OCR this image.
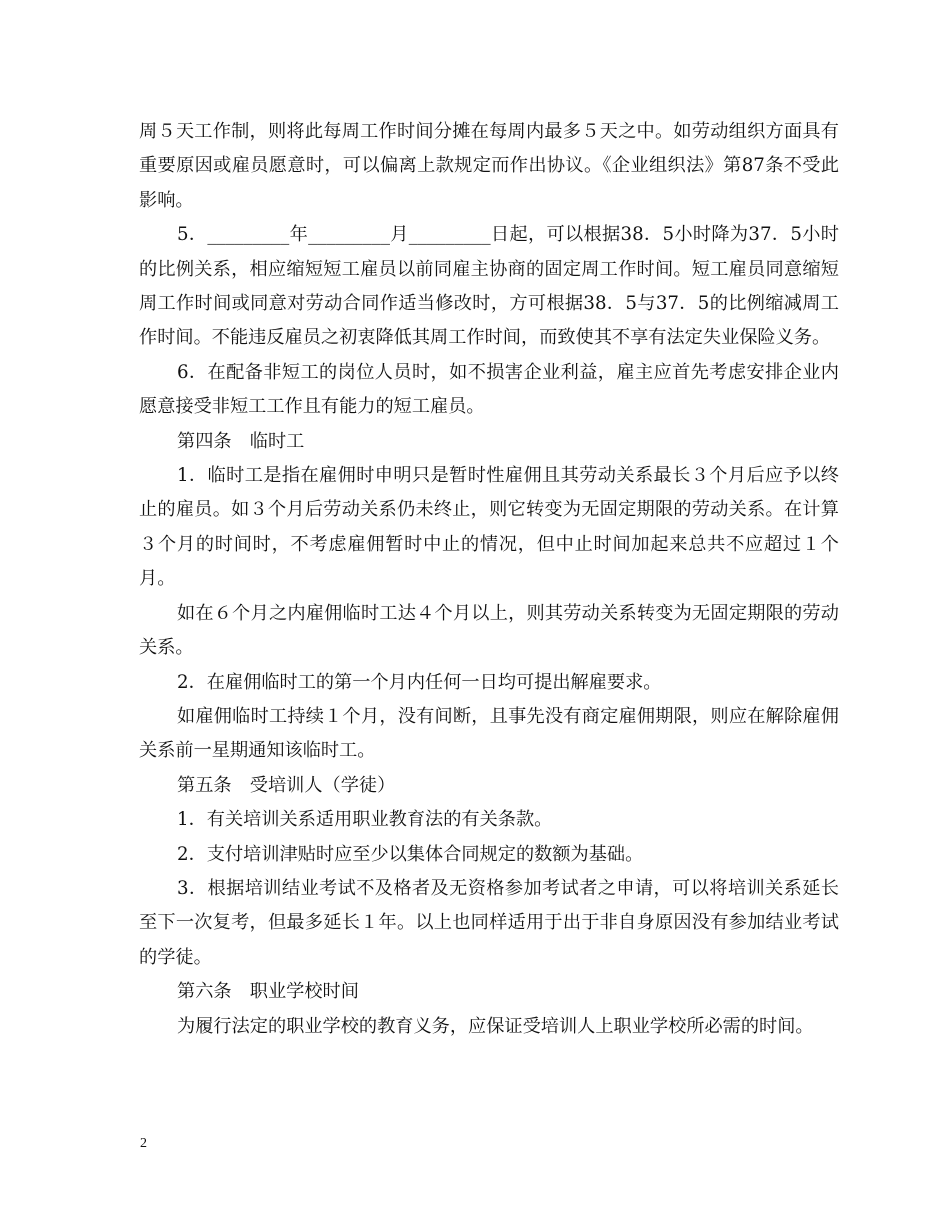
周５天工作制，则将此每周工作时间分摊在每周内最多５天之中。如劳动组织方面具有重要原因或雇员愿意时，可以偏离上款规定而作出协议。《企业组织法》第87条不受此影响。

5．_________年_________月_________日起，可以根据38．5小时降为37．5小时的比例关系，相应缩短短工雇员以前同雇主协商的固定周工作时间。短工雇员同意缩短周工作时间或同意对劳动合同作适当修改时，方可根据38．5与37．5的比例缩减周工作时间。不能违反雇员之初衷降低其周工作时间，而致使其不享有法定失业保险义务。

6．在配备非短工的岗位人员时，如不损害企业利益，雇主应首先考虑安排企业内愿意接受非短工工作且有能力的短工雇员。

第四条　临时工

1．临时工是指在雇佣时申明只是暂时性雇佣且其劳动关系最长３个月后应予以终止的雇员。如３个月后劳动关系仍未终止，则它转变为无固定期限的劳动关系。在计算３个月的时间时，不考虑雇佣暂时中止的情况，但中止时间加起来总共不应超过１个月。

如在６个月之内雇佣临时工达４个月以上，则其劳动关系转变为无固定期限的劳动关系。

2．在雇佣临时工的第一个月内任何一日均可提出解雇要求。

如雇佣临时工持续１个月，没有间断，且事先没有商定雇佣期限，则应在解除雇佣关系前一星期通知该临时工。

第五条　受培训人（学徒）

1．有关培训关系适用职业教育法的有关条款。

2．支付培训津贴时应至少以集体合同规定的数额为基础。

3．根据培训结业考试不及格者及无资格参加考试者之申请，可以将培训关系延长至下一次复考，但最多延长１年。以上也同样适用于出于非自身原因没有参加结业考试的学徒。

第六条　职业学校时间

为履行法定的职业学校的教育义务，应保证受培训人上职业学校所必需的时间。

2
